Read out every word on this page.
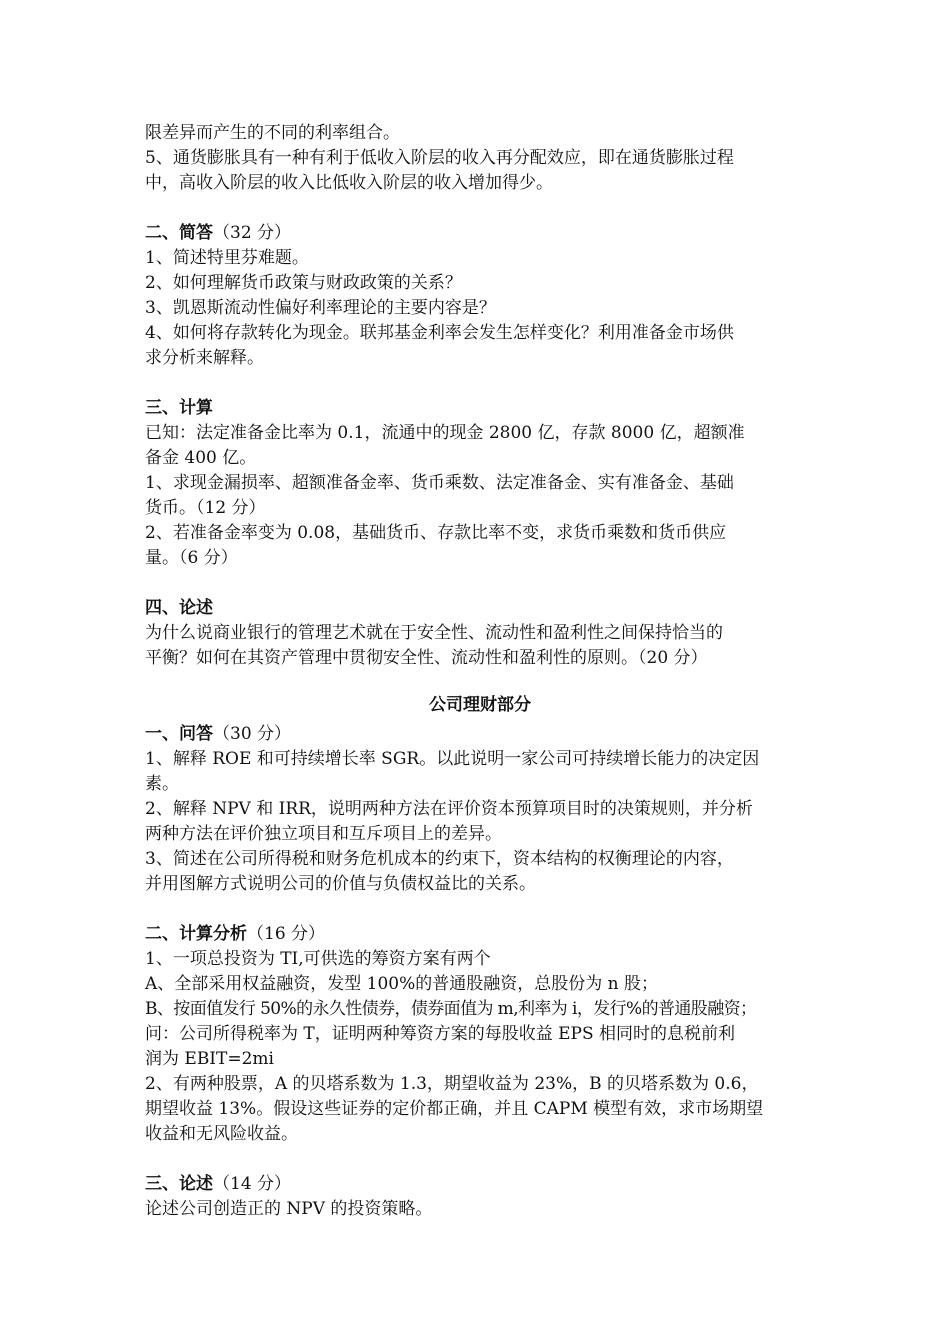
限差异而产生的不同的利率组合。
5、通货膨胀具有一种有利于低收入阶层的收入再分配效应，即在通货膨胀过程
中，高收入阶层的收入比低收入阶层的收入增加得少。
二、简答（32 分）
1、简述特里芬难题。
2、如何理解货币政策与财政政策的关系？
3、凯恩斯流动性偏好利率理论的主要内容是？
4、如何将存款转化为现金。联邦基金利率会发生怎样变化？利用准备金市场供
求分析来解释。
三、计算
已知：法定准备金比率为 0.1，流通中的现金 2800 亿，存款 8000 亿，超额准
备金 400 亿。
1、求现金漏损率、超额准备金率、货币乘数、法定准备金、实有准备金、基础
货币。（12 分）
2、若准备金率变为 0.08，基础货币、存款比率不变，求货币乘数和货币供应
量。（6 分）
四、论述
为什么说商业银行的管理艺术就在于安全性、流动性和盈利性之间保持恰当的
平衡？如何在其资产管理中贯彻安全性、流动性和盈利性的原则。（20 分）
公司理财部分
一、问答（30 分）
1、解释 ROE 和可持续增长率 SGR。以此说明一家公司可持续增长能力的决定因
素。
2、解释 NPV 和 IRR，说明两种方法在评价资本预算项目时的决策规则，并分析
两种方法在评价独立项目和互斥项目上的差异。
3、简述在公司所得税和财务危机成本的约束下，资本结构的权衡理论的内容，
并用图解方式说明公司的价值与负债权益比的关系。
二、计算分析（16 分）
1、一项总投资为 TI,可供选的筹资方案有两个
A、全部采用权益融资，发型 100%的普通股融资，总股份为 n 股；
B、按面值发行 50%的永久性债券，债券面值为 m,利率为 i，发行%的普通股融资；
问：公司所得税率为 T，证明两种筹资方案的每股收益 EPS 相同时的息税前利
润为 EBIT=2mi
2、有两种股票，A 的贝塔系数为 1.3，期望收益为 23%，B 的贝塔系数为 0.6，
期望收益 13%。假设这些证券的定价都正确，并且 CAPM 模型有效，求市场期望
收益和无风险收益。
三、论述（14 分）
论述公司创造正的 NPV 的投资策略。
